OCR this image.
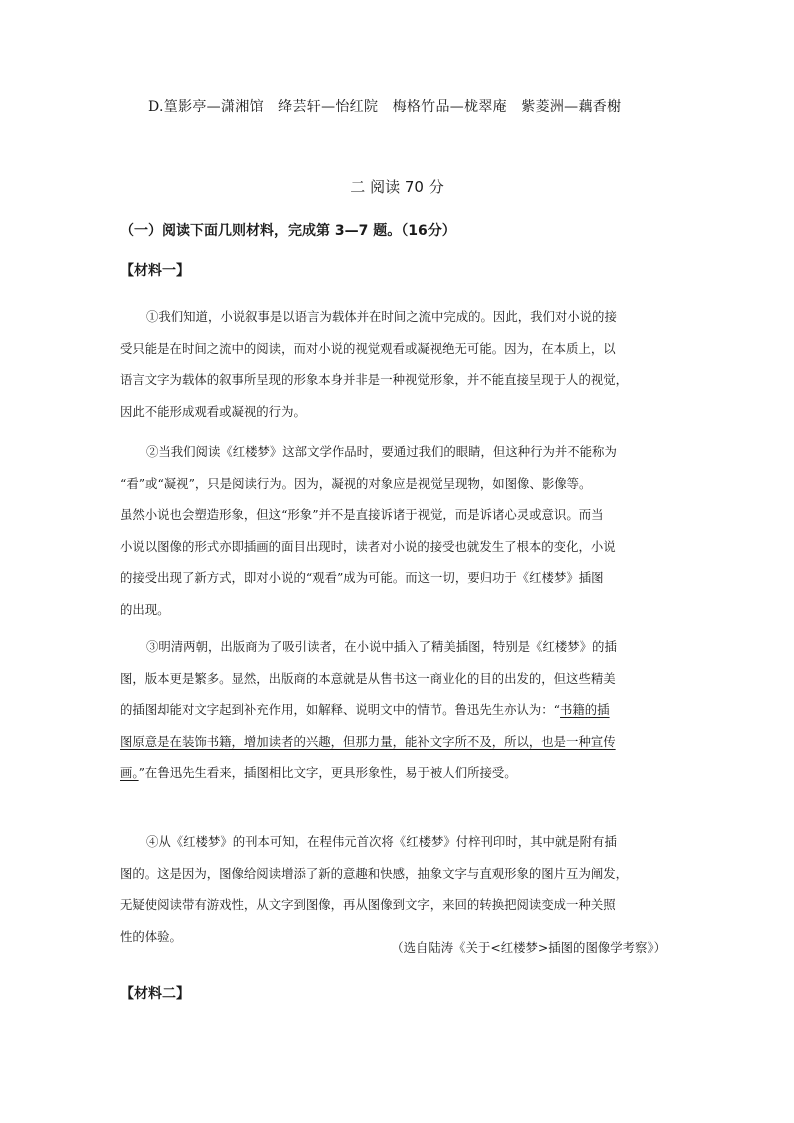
D.篁影亭—潇湘馆　绛芸轩—怡红院　梅格竹品—栊翠庵　紫菱洲—藕香榭
二 阅读 70 分
（一）阅读下面几则材料，完成第 3—7 题。（16分）
【材料一】
①我们知道，小说叙事是以语言为载体并在时间之流中完成的。因此，我们对小说的接
受只能是在时间之流中的阅读，而对小说的视觉观看或凝视绝无可能。因为，在本质上，以
语言文字为载体的叙事所呈现的形象本身并非是一种视觉形象，并不能直接呈现于人的视觉，
因此不能形成观看或凝视的行为。
②当我们阅读《红楼梦》这部文学作品时，要通过我们的眼睛，但这种行为并不能称为
“看”或“凝视”，只是阅读行为。因为，凝视的对象应是视觉呈现物，如图像、影像等。
虽然小说也会塑造形象，但这“形象”并不是直接诉诸于视觉，而是诉诸心灵或意识。而当
小说以图像的形式亦即插画的面目出现时，读者对小说的接受也就发生了根本的变化，小说
的接受出现了新方式，即对小说的“观看”成为可能。而这一切，要归功于《红楼梦》插图
的出现。
③明清两朝，出版商为了吸引读者，在小说中插入了精美插图，特别是《红楼梦》的插
图，版本更是繁多。显然，出版商的本意就是从售书这一商业化的目的出发的，但这些精美
的插图却能对文字起到补充作用，如解释、说明文中的情节。鲁迅先生亦认为：“书籍的插
图原意是在装饰书籍，增加读者的兴趣，但那力量，能补文字所不及，所以，也是一种宣传
画。”在鲁迅先生看来，插图相比文字，更具形象性，易于被人们所接受。
④从《红楼梦》的刊本可知，在程伟元首次将《红楼梦》付梓刊印时，其中就是附有插
图的。这是因为，图像给阅读增添了新的意趣和快感，抽象文字与直观形象的图片互为阐发，
无疑使阅读带有游戏性，从文字到图像，再从图像到文字，来回的转换把阅读变成一种关照
性的体验。
（选自陆涛《关于<红楼梦>插图的图像学考察》）
【材料二】
